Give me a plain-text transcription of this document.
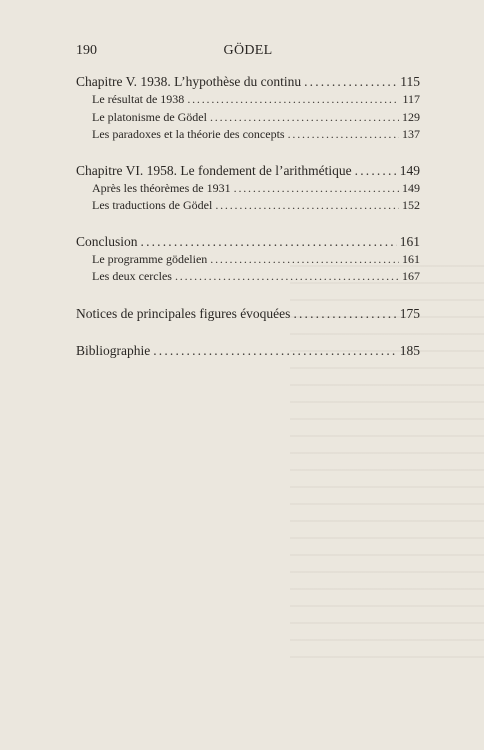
190	GÖDEL
Chapitre V. 1938. L’hypothèse du continu . . .	115
Le résultat de 1938 . . .	117
Le platonisme de Gödel . . .	129
Les paradoxes et la théorie des concepts . . .	137
Chapitre VI. 1958. Le fondement de l’arithmétique . . .	149
Après les théorèmes de 1931 . . .	149
Les traductions de Gödel . . .	152
Conclusion . . .	161
Le programme gödelien . . .	161
Les deux cercles . . .	167
Notices de principales figures évoquées . . .	175
Bibliographie . . .	185
